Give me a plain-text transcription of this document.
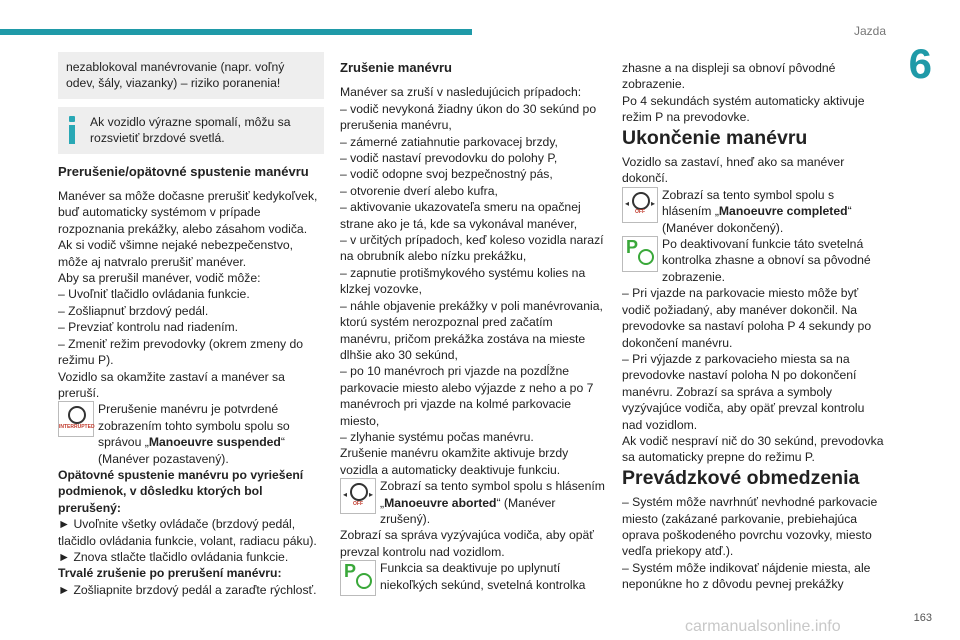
Jazda
6

nezablokoval manévrovanie (napr. voľný odev, šály, viazanky) – riziko poranenia!

Ak vozidlo výrazne spomalí, môžu sa rozsvietiť brzdové svetlá.

Prerušenie/opätovné spustenie manévru

Manéver sa môže dočasne prerušiť kedykoľvek, buď automaticky systémom v prípade rozpoznania prekážky, alebo zásahom vodiča.

Ak si vodič všimne nejaké nebezpečenstvo, môže aj natvralo prerušiť manéver.

Aby sa prerušil manéver, vodič môže:

– Uvoľniť tlačidlo ovládania funkcie.

– Zošliapnuť brzdový pedál.

– Prevziať kontrolu nad riadením.

– Zmeniť režim prevodovky (okrem zmeny do režimu P).

Vozidlo sa okamžite zastaví a manéver sa preruší.

INTERRUPTED

Prerušenie manévru je potvrdené zobrazením tohto symbolu spolu so správou „Manoeuvre suspended“ (Manéver pozastavený).

Opätovné spustenie manévru po vyriešení podmienok, v dôsledku ktorých bol prerušený:

► Uvoľnite všetky ovládače (brzdový pedál, tlačidlo ovládania funkcie, volant, radiacu páku).

► Znova stlačte tlačidlo ovládania funkcie.

Trvalé zrušenie po prerušení manévru:

► Zošliapnite brzdový pedál a zaraďte rýchlosť.

Zrušenie manévru

Manéver sa zruší v nasledujúcich prípadoch:

– vodič nevykoná žiadny úkon do 30 sekúnd po prerušenia manévru,

– zámerné zatiahnutie parkovacej brzdy,

– vodič nastaví prevodovku do polohy P,

– vodič odopne svoj bezpečnostný pás,

– otvorenie dverí alebo kufra,

– aktivovanie ukazovateľa smeru na opačnej strane ako je tá, kde sa vykonával manéver,

– v určitých prípadoch, keď koleso vozidla narazí na obrubník alebo nízku prekážku,

– zapnutie protišmykového systému kolies na klzkej vozovke,

– náhle objavenie prekážky v poli manévrovania, ktorú systém nerozpoznal pred začatím manévru, pričom prekážka zostáva na mieste dlhšie ako 30 sekúnd,

– po 10 manévroch pri vjazde na pozdĺžne parkovacie miesto alebo výjazde z neho a po 7 manévroch pri vjazde na kolmé parkovacie miesto,

– zlyhanie systému počas manévru.

Zrušenie manévru okamžite aktivuje brzdy vozidla a automaticky deaktivuje funkciu.

◂	▸
OFF

Zobrazí sa tento symbol spolu s hlásením „Manoeuvre aborted“ (Manéver zrušený).

Zobrazí sa správa vyzývajúca vodiča, aby opäť prevzal kontrolu nad vozidlom.

P Funkcia sa deaktivuje po uplynutí niekoľkých sekúnd, svetelná kontrolka

zhasne a na displeji sa obnoví pôvodné zobrazenie.

Po 4 sekundách systém automaticky aktivuje režim P na prevodovke.

Ukončenie manévru

Vozidlo sa zastaví, hneď ako sa manéver dokončí.

◂	▸
OFF

Zobrazí sa tento symbol spolu s hlásením „Manoeuvre completed“ (Manéver dokončený).

P Po deaktivovaní funkcie táto svetelná kontrolka zhasne a obnoví sa pôvodné zobrazenie.

– Pri vjazde na parkovacie miesto môže byť vodič požiadaný, aby manéver dokončil. Na prevodovke sa nastaví poloha P 4 sekundy po dokončení manévru.

– Pri výjazde z parkovacieho miesta sa na prevodovke nastaví poloha N po dokončení manévru. Zobrazí sa správa a symboly vyzývajúce vodiča, aby opäť prevzal kontrolu nad vozidlom.

Ak vodič nespraví nič do 30 sekúnd, prevodovka sa automaticky prepne do režimu P.

Prevádzkové obmedzenia

– Systém môže navrhnúť nevhodné parkovacie miesto (zakázané parkovanie, prebiehajúca oprava poškodeného povrchu vozovky, miesto vedľa priekopy atď.).

– Systém môže indikovať nájdenie miesta, ale neponúkne ho z dôvodu pevnej prekážky

163
carmanualsonline.info
